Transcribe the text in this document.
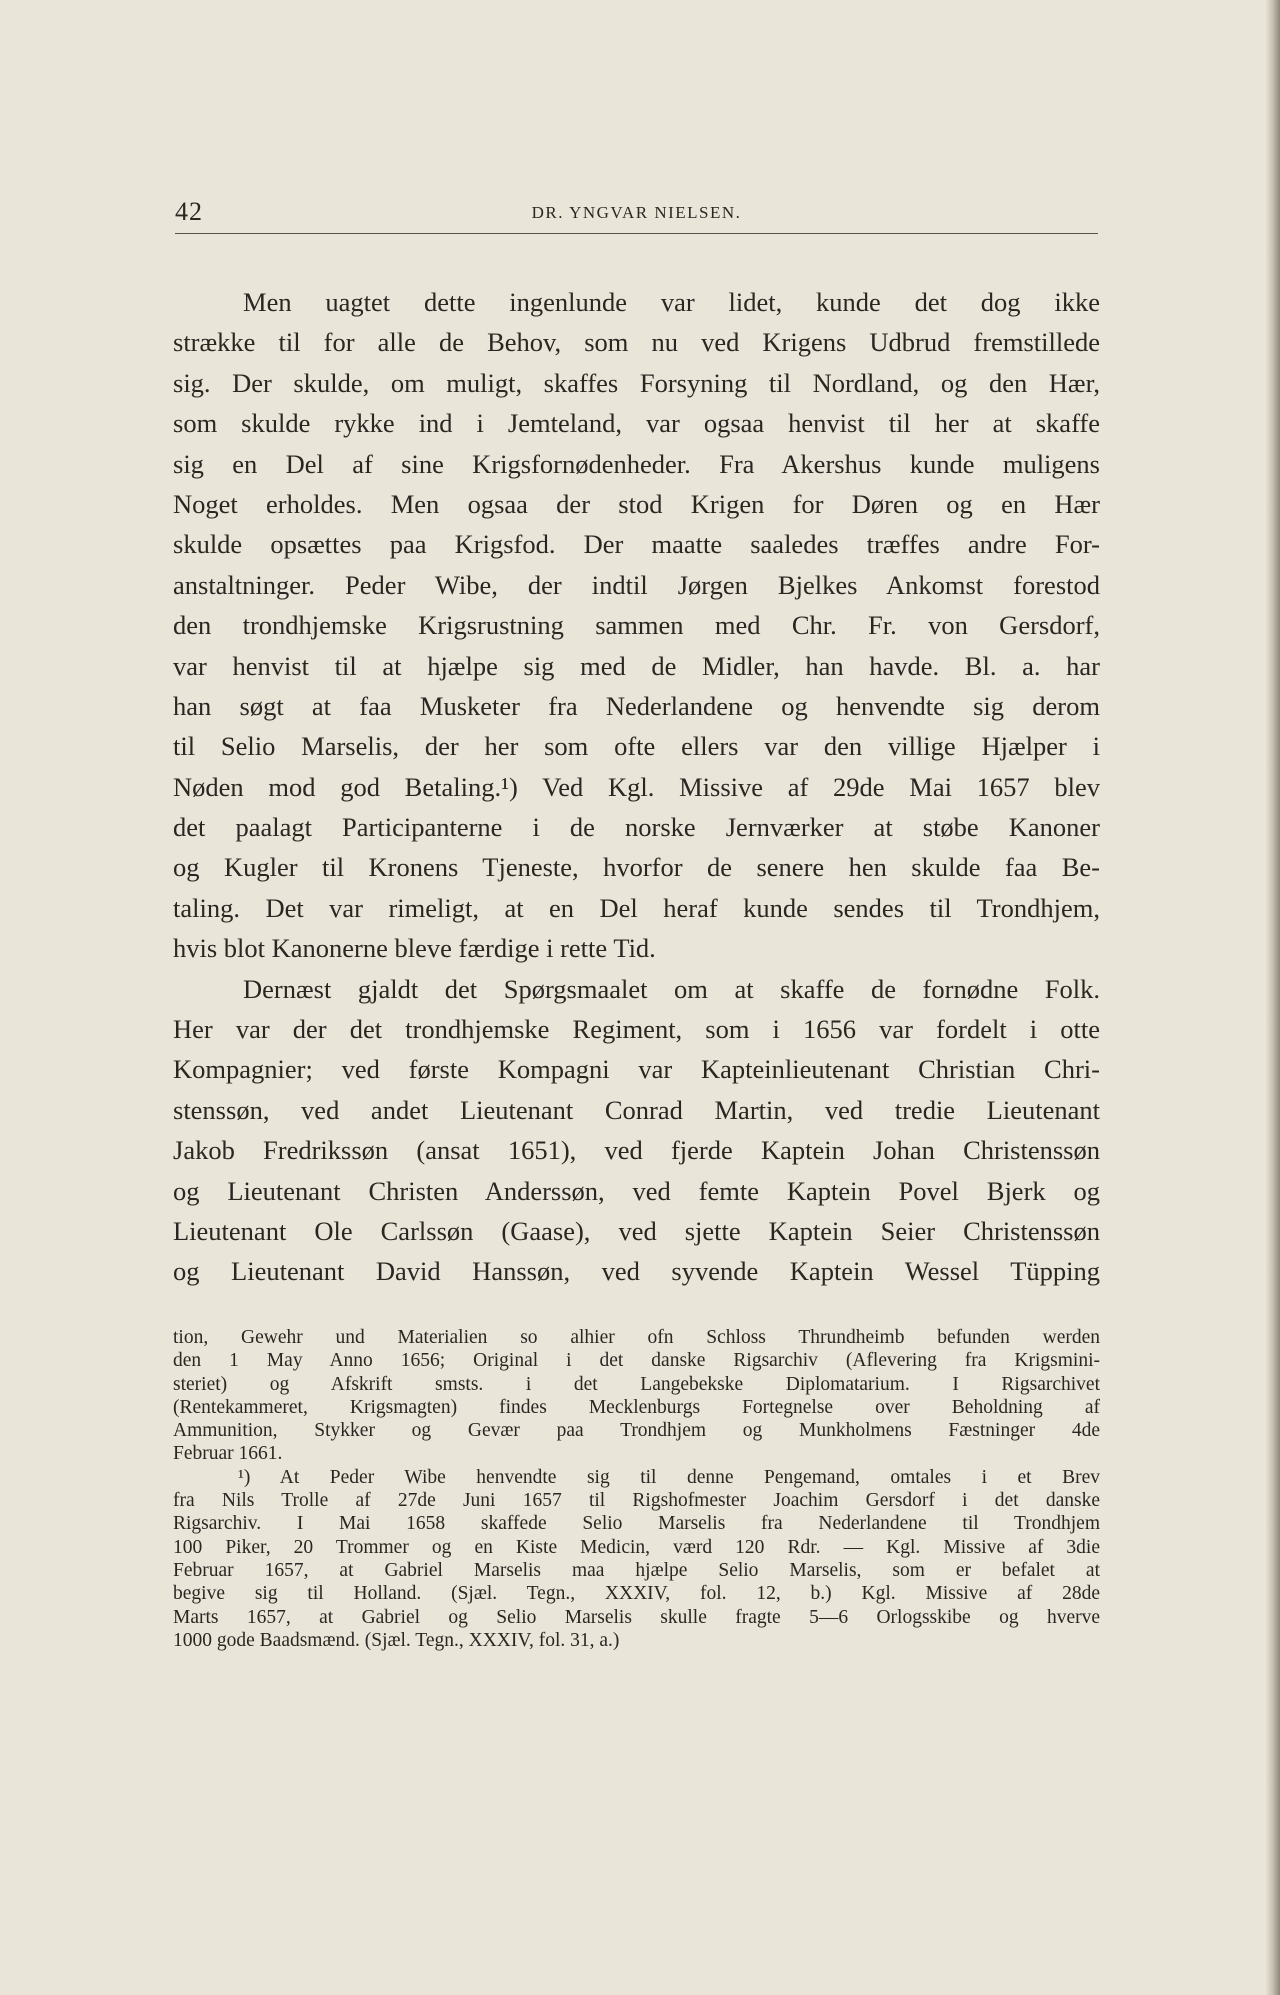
42	DR. YNGVAR NIELSEN.
Men uagtet dette ingenlunde var lidet, kunde det dog ikke
strække til for alle de Behov, som nu ved Krigens Udbrud fremstillede
sig. Der skulde, om muligt, skaffes Forsyning til Nordland, og den Hær,
som skulde rykke ind i Jemteland, var ogsaa henvist til her at skaffe
sig en Del af sine Krigsfornødenheder. Fra Akershus kunde muligens
Noget erholdes. Men ogsaa der stod Krigen for Døren og en Hær
skulde opsættes paa Krigsfod. Der maatte saaledes træffes andre For-
anstaltninger. Peder Wibe, der indtil Jørgen Bjelkes Ankomst forestod
den trondhjemske Krigsrustning sammen med Chr. Fr. von Gersdorf,
var henvist til at hjælpe sig med de Midler, han havde. Bl. a. har
han søgt at faa Musketer fra Nederlandene og henvendte sig derom
til Selio Marselis, der her som ofte ellers var den villige Hjælper i
Nøden mod god Betaling.¹) Ved Kgl. Missive af 29de Mai 1657 blev
det paalagt Participanterne i de norske Jernværker at støbe Kanoner
og Kugler til Kronens Tjeneste, hvorfor de senere hen skulde faa Be-
taling. Det var rimeligt, at en Del heraf kunde sendes til Trondhjem,
hvis blot Kanonerne bleve færdige i rette Tid.
Dernæst gjaldt det Spørgsmaalet om at skaffe de fornødne Folk.
Her var der det trondhjemske Regiment, som i 1656 var fordelt i otte
Kompagnier; ved første Kompagni var Kapteinlieutenant Christian Chri-
stenssøn, ved andet Lieutenant Conrad Martin, ved tredie Lieutenant
Jakob Fredrikssøn (ansat 1651), ved fjerde Kaptein Johan Christenssøn
og Lieutenant Christen Anderssøn, ved femte Kaptein Povel Bjerk og
Lieutenant Ole Carlssøn (Gaase), ved sjette Kaptein Seier Christenssøn
og Lieutenant David Hanssøn, ved syvende Kaptein Wessel Tüpping
tion, Gewehr und Materialien so alhier ofn Schloss Thrundheimb befunden werden
den 1 May Anno 1656; Original i det danske Rigsarchiv (Aflevering fra Krigsmini-
steriet) og Afskrift smsts. i det Langebekske Diplomatarium. I Rigsarchivet
(Rentekammeret, Krigsmagten) findes Mecklenburgs Fortegnelse over Beholdning af
Ammunition, Stykker og Gevær paa Trondhjem og Munkholmens Fæstninger 4de
Februar 1661.
¹) At Peder Wibe henvendte sig til denne Pengemand, omtales i et Brev
fra Nils Trolle af 27de Juni 1657 til Rigshofmester Joachim Gersdorf i det danske
Rigsarchiv. I Mai 1658 skaffede Selio Marselis fra Nederlandene til Trondhjem
100 Piker, 20 Trommer og en Kiste Medicin, værd 120 Rdr. — Kgl. Missive af 3die
Februar 1657, at Gabriel Marselis maa hjælpe Selio Marselis, som er befalet at
begive sig til Holland. (Sjæl. Tegn., XXXIV, fol. 12, b.) Kgl. Missive af 28de
Marts 1657, at Gabriel og Selio Marselis skulle fragte 5—6 Orlogsskibe og hverve
1000 gode Baadsmænd. (Sjæl. Tegn., XXXIV, fol. 31, a.)
